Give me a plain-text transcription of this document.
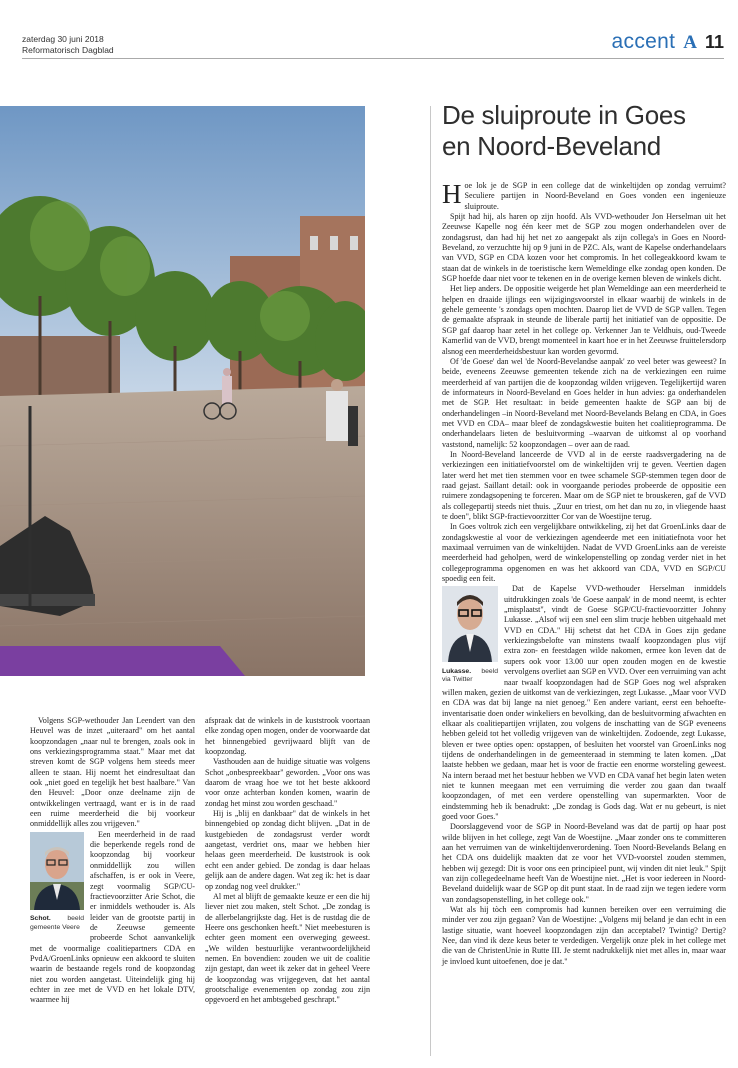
zaterdag 30 juni 2018
Reformatorisch Dagblad	accent A 11
De sluiproute in Goes
en Noord-Beveland

Hoe lok je de SGP in een college dat de winkeltijden op zondag verruimt? Seculiere partijen in Noord-Beveland en Goes vonden een ingenieuze sluiproute.

Spijt had hij, als haren op zijn hoofd. Als VVD-wethouder Jon Herselman uit het Zeeuwse Kapelle nog één keer met de SGP zou mogen onderhandelen over de zondagsrust, dan had hij het net zo aangepakt als zijn collega's in Goes en Noord-Beveland, zo verzuchtte hij op 9 juni in de PZC. Als, want de Kapelse onderhandelaars van VVD, SGP en CDA kozen voor het compromis. In het collegeakkoord kwam te staan dat de winkels in de toeristische kern Wemeldinge elke zondag open konden. De SGP hoefde daar niet voor te tekenen en in de overige kernen bleven de winkels dicht.

Het liep anders. De oppositie weigerde het plan Wemeldinge aan een meerderheid te helpen en draaide ijlings een wijzigingsvoorstel in elkaar waarbij de winkels in de gehele gemeente 's zondags open mochten. Daarop liet de VVD de SGP vallen. Tegen de gemaakte afspraak in steunde de liberale partij het initiatief van de oppositie. De SGP gaf daarop haar zetel in het college op. Verkenner Jan te Veldhuis, oud-Tweede Kamerlid van de VVD, brengt momenteel in kaart hoe er in het Zeeuwse fruittelersdorp alsnog een meerderheidsbestuur kan worden gevormd.

Of 'de Goese' dan wel 'de Noord-Bevelandse aanpak' zo veel beter was geweest? In beide, eveneens Zeeuwse gemeenten tekende zich na de verkiezingen een ruime meerderheid af van partijen die de koopzondag wilden vrijgeven. Tegelijkertijd waren de informateurs in Noord-Beveland en Goes helder in hun advies: ga onderhandelen met de SGP. Het resultaat: in beide gemeenten haakte de SGP aan bij de onderhandelingen –in Noord-Beveland met Noord-Bevelands Belang en CDA, in Goes met VVD en CDA– maar bleef de zondagskwestie buiten het coalitieprogramma. De onderhandelaars lieten de besluitvorming –waarvan de uitkomst al op voorhand vaststond, namelijk: 52 koopzondagen – over aan de raad.

In Noord-Beveland lanceerde de VVD al in de eerste raadsvergadering na de verkiezingen een initiatiefvoorstel om de winkeltijden vrij te geven. Veertien dagen later werd het met tien stemmen voor en twee schamele SGP-stemmen tegen door de raad gejast. Saillant detail: ook in voorgaande periodes probeerde de oppositie een ruimere zondagsopening te forceren. Maar om de SGP niet te brouskeren, gaf de VVD als collegepartij steeds niet thuis. „Zuur en triest, om het dan nu zo, in vliegende haast te doen", blikt SGP-fractievoorzitter Cor van de Woestijne terug.

In Goes voltrok zich een vergelijkbare ontwikkeling, zij het dat GroenLinks daar de zondagskwestie al voor de verkiezingen agendeerde met een initiatiefnota voor het maximaal verruimen van de winkeltijden. Nadat de VVD GroenLinks aan de vereiste meerderheid had geholpen, werd de winkelopenstelling op zondag verder niet in het collegeprogramma opgenomen en was het akkoord van CDA, VVD en SGP/CU spoedig een feit.

Lukasse. beeld via Twitter

Dat de Kapelse VVD-wethouder Herselman inmiddels uitdrukkingen zoals 'de Goese aanpak' in de mond neemt, is echter „misplaatst", vindt de Goese SGP/CU-fractievoorzitter Johnny Lukasse. „Alsof wij een snel een slim trucje hebben uitgehaald met VVD en CDA." Hij schetst dat het CDA in Goes zijn gedane verkiezingsbelofte van minstens twaalf koopzondagen plus vijf extra zon- en feestdagen wilde nakomen, ermee kon leven dat de supers ook voor 13.00 uur open zouden mogen en de kwestie vervolgens overliet aan SGP en VVD. Over een verruiming van acht naar twaalf koopzondagen had de SGP Goes nog wel afspraken willen maken, gezien de uitkomst van de verkiezingen, zegt Lukasse. „Maar voor VVD en CDA was dat bij lange na niet genoeg." Een andere variant, eerst een behoefte-inventarisatie doen onder winkeliers en bevolking, dan de besluitvorming afwachten en elkaar als coalitiepartijen vrijlaten, zou volgens de inschatting van de SGP eveneens hebben geleid tot het volledig vrijgeven van de winkeltijden. Zodoende, zegt Lukasse, bleven er twee opties open: opstappen, of besluiten het voorstel van GroenLinks nog tijdens de onderhandelingen in de gemeenteraad in stemming te laten komen. „Dat laatste hebben we gedaan, maar het is voor de fractie een enorme worsteling geweest. Na intern beraad met het bestuur hebben we VVD en CDA vanaf het begin laten weten niet te kunnen meegaan met een verruiming die verder zou gaan dan twaalf koopzondagen, of met een verdere openstelling van supermarkten. Voor de eindstemming heb ik benadrukt: „De zondag is Gods dag. Wat er nu gebeurt, is niet goed voor Goes."

Doorslaggevend voor de SGP in Noord-Beveland was dat de partij op haar post wilde blijven in het college, zegt Van de Woestijne. „Maar zonder ons te committeren aan het verruimen van de winkeltijdenverordening. Toen Noord-Bevelands Belang en het CDA ons duidelijk maakten dat ze voor het VVD-voorstel zouden stemmen, hebben wij gezegd: Dit is voor ons een principieel punt, wij vinden dit niet leuk." Spijt van zijn collegedeelname heeft Van de Woestijne niet. „Het is voor iedereen in Noord-Beveland duidelijk waar de SGP op dit punt staat. In de raad zijn we tegen iedere vorm van zondagsopenstelling, in het college ook."

Wat als hij tòch een compromis had kunnen bereiken over een verruiming die minder ver zou zijn gegaan? Van de Woestijne: „Volgens mij beland je dan echt in een lastige situatie, want hoeveel koopzondagen zijn dan acceptabel? Twintig? Dertig? Nee, dan vind ik deze keus beter te verdedigen. Vergelijk onze plek in het college met die van de ChristenUnie in Rutte III. Je stemt nadrukkelijk niet met alles in, maar waar je invloed kunt uitoefenen, doe je dat."

Volgens SGP-wethouder Jan Leendert van den Heuvel was de inzet „uiteraard" om het aantal koopzondagen „naar nul te brengen, zoals ook in ons verkiezingsprogramma staat." Maar met dat streven komt de SGP volgens hem steeds meer alleen te staan. Hij noemt het eindresultaat dan ook „niet goed en tegelijk het best haalbare." Van den Heuvel: „Door onze deelname zijn de ontwikkelingen vertraagd, want er is in de raad een ruime meerderheid die bij voorkeur onmiddellijk alles zou vrijgeven."

Schot. beeld gemeente Veere

Een meerderheid in de raad die beperkende regels rond de koopzondag bij voorkeur onmiddellijk zou willen afschaffen, is er ook in Veere, zegt voormalig SGP/CU-fractievoorzitter Arie Schot, die er inmiddels wethouder is. Als leider van de grootste partij in de Zeeuwse gemeente probeerde Schot aanvankelijk met de voormalige coalitiepartners CDA en PvdA/GroenLinks opnieuw een akkoord te sluiten waarin de bestaande regels rond de koopzondag niet zou worden aangetast. Uiteindelijk ging hij echter in zee met de VVD en het lokale DTV, waarmee hij

afspraak dat de winkels in de kuststrook voortaan elke zondag open mogen, onder de voorwaarde dat het binnengebied gevrijwaard blijft van de koopzondag.

Vasthouden aan de huidige situatie was volgens Schot „onbespreekbaar" geworden. „Voor ons was daarom de vraag hoe we tot het beste akkoord voor onze achterban konden komen, waarin de zondag het minst zou worden geschaad."

Hij is „blij en dankbaar" dat de winkels in het binnengebied op zondag dicht blijven. „Dat in de kustgebieden de zondagsrust verder wordt aangetast, verdriet ons, maar we hebben hier helaas geen meerderheid. De kuststrook is ook echt een ander gebied. De zondag is daar helaas gelijk aan de andere dagen. Wat zeg ik: het is daar op zondag nog veel drukker."

Al met al blijft de gemaakte keuze er een die hij liever niet zou maken, stelt Schot. „De zondag is de allerbelangrijkste dag. Het is de rustdag die de Heere ons geschonken heeft." Niet meebesturen is echter geen moment een overweging geweest. „We wilden bestuurlijke verantwoordelijkheid nemen. En bovendien: zouden we uit de coalitie zijn gestapt, dan weet ik zeker dat in geheel Veere de koopzondag was vrijgegeven, dat het aantal grootschalige evenementen op zondag zou zijn opgevoerd en het ambtsgebed geschrapt."
